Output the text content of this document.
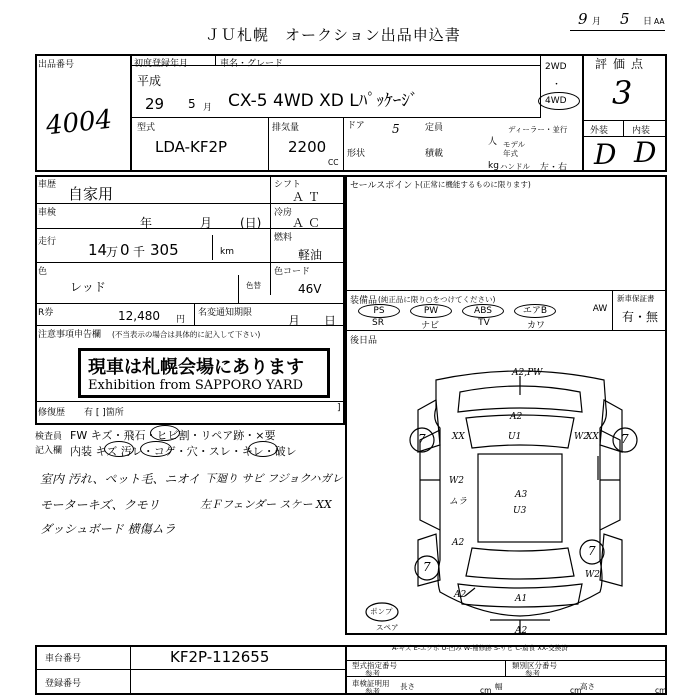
ＪＵ札幌　オークション出品申込書
9 月 5 日 AA
出品番号
4004
初度登録年月
平成
29 5 月
車名・グレード
CX-5 4WD XD Lﾊﾟｯｹｰｼﾞ
2WD
・
4WD
評価点
3
型式
LDA-KF2P
排気量
2200
CC
ドア 5	定員
人
形状	積載
kg
ディーラー・並行
モデル
年式
ハンドル 左・右
外装	内装
D D
車歴 自家用	シフト
ＡＴ
車検
年	月 (日)
冷房
ＡＣ
走行 14
万 0 千 305	km
燃料
軽油
色
レッド	色替
色コード
46V
R券	12,480 円
名変通知期限
月 日
注意事項申告欄 (不当表示の場合は具体的に記入して下さい)
現車は札幌会場にあります
Exhibition from SAPPORO YARD
修復歴 有 [ ]箇所	]
セールスポイント
(正常に機能するものに限ります)
装備品 (純正品に限り○をつけてください)
PS	PW	ABS	エアB	AW
SR	ナビ	TV	カワ
新車保証書
有・無
後日品
A2,PW
A2
U1	W2
A3
U3
W2
ムラ
A2
A2	A1
A2
W2
7	7
7
7
XX	XX
ポンプ
スペア
A-キズ E-エクボ U-凹み W-補修跡 S-サビ C-腐食 XX-交換済
検査員
記入欄
FW キズ・飛石・ヒビ割・リペア跡・×要
内装 キズ 汚レ・コゲ・穴・スレ・キレ・破レ
室内 汚れ、ペット毛、ニオイ 下廻り サビ フジョクハガレ
モーターキズ、クモリ	左Ｆフェンダー スケー XX
ダッシュボード 横傷ムラ
車台番号	KF2P-112655
登録番号
型式指定番号
参考
類別区分番号
参考
車検証明用
参考
長さ	cm 幅	cm
高さ	cm
